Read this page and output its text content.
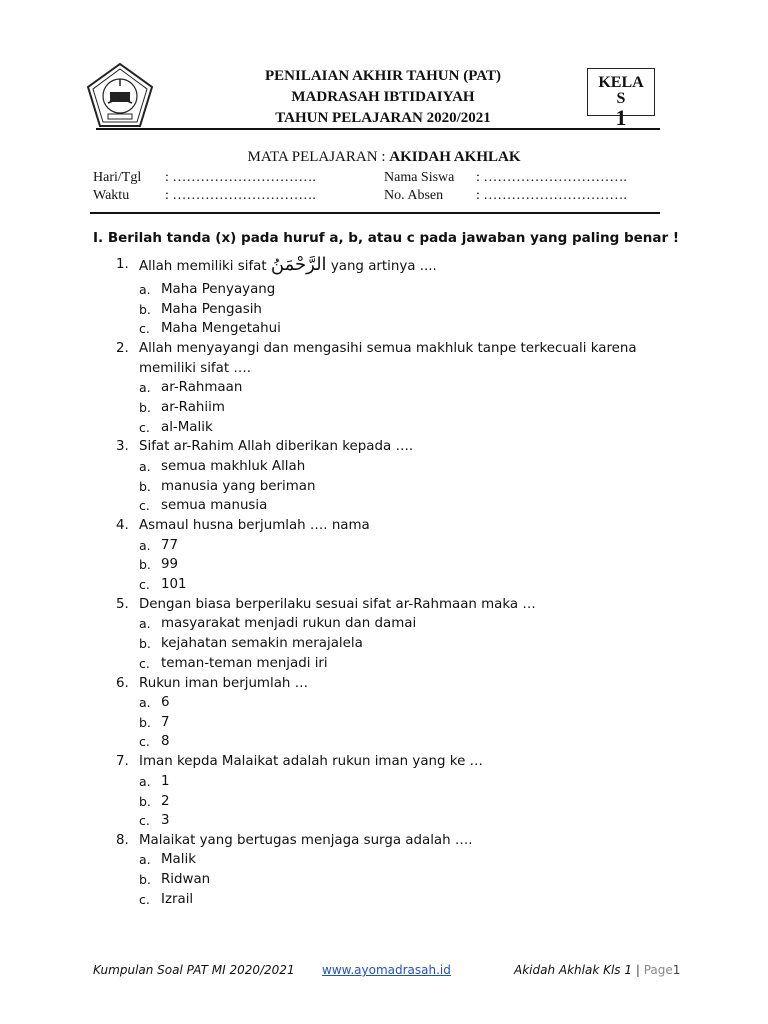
PENILAIAN AKHIR TAHUN (PAT)
MADRASAH IBTIDAIYAH
TAHUN PELAJARAN 2020/2021
KELA
S
1
MATA PELAJARAN : AKIDAH AKHLAK
Hari/Tgl : ………………………….
Waktu	: ………………………….
Nama Siswa : ………………………….
No. Absen : ………………………….
I. Berilah tanda (x) pada huruf a, b, atau c pada jawaban yang paling benar !
1. Allah memiliki sifat الرَّحْمَنُ yang artinya ....
a. Maha Penyayang
b. Maha Pengasih
c. Maha Mengetahui
2. Allah menyayangi dan mengasihi semua makhluk tanpe terkecuali karena
memiliki sifat ….
a. ar-Rahmaan
b. ar-Rahiim
c. al-Malik
3. Sifat ar-Rahim Allah diberikan kepada ….
a. semua makhluk Allah
b. manusia yang beriman
c. semua manusia
4. Asmaul husna berjumlah …. nama
a. 77
b. 99
c. 101
5. Dengan biasa berperilaku sesuai sifat ar-Rahmaan maka …
a. masyarakat menjadi rukun dan damai
b. kejahatan semakin merajalela
c. teman-teman menjadi iri
6. Rukun iman berjumlah …
a. 6
b. 7
c. 8
7. Iman kepda Malaikat adalah rukun iman yang ke …
a. 1
b. 2
c. 3
8. Malaikat yang bertugas menjaga surga adalah ….
a. Malik
b. Ridwan
c. Izrail
Kumpulan Soal PAT MI 2020/2021 www.ayomadrasah.id	Akidah Akhlak Kls 1 | Page1
